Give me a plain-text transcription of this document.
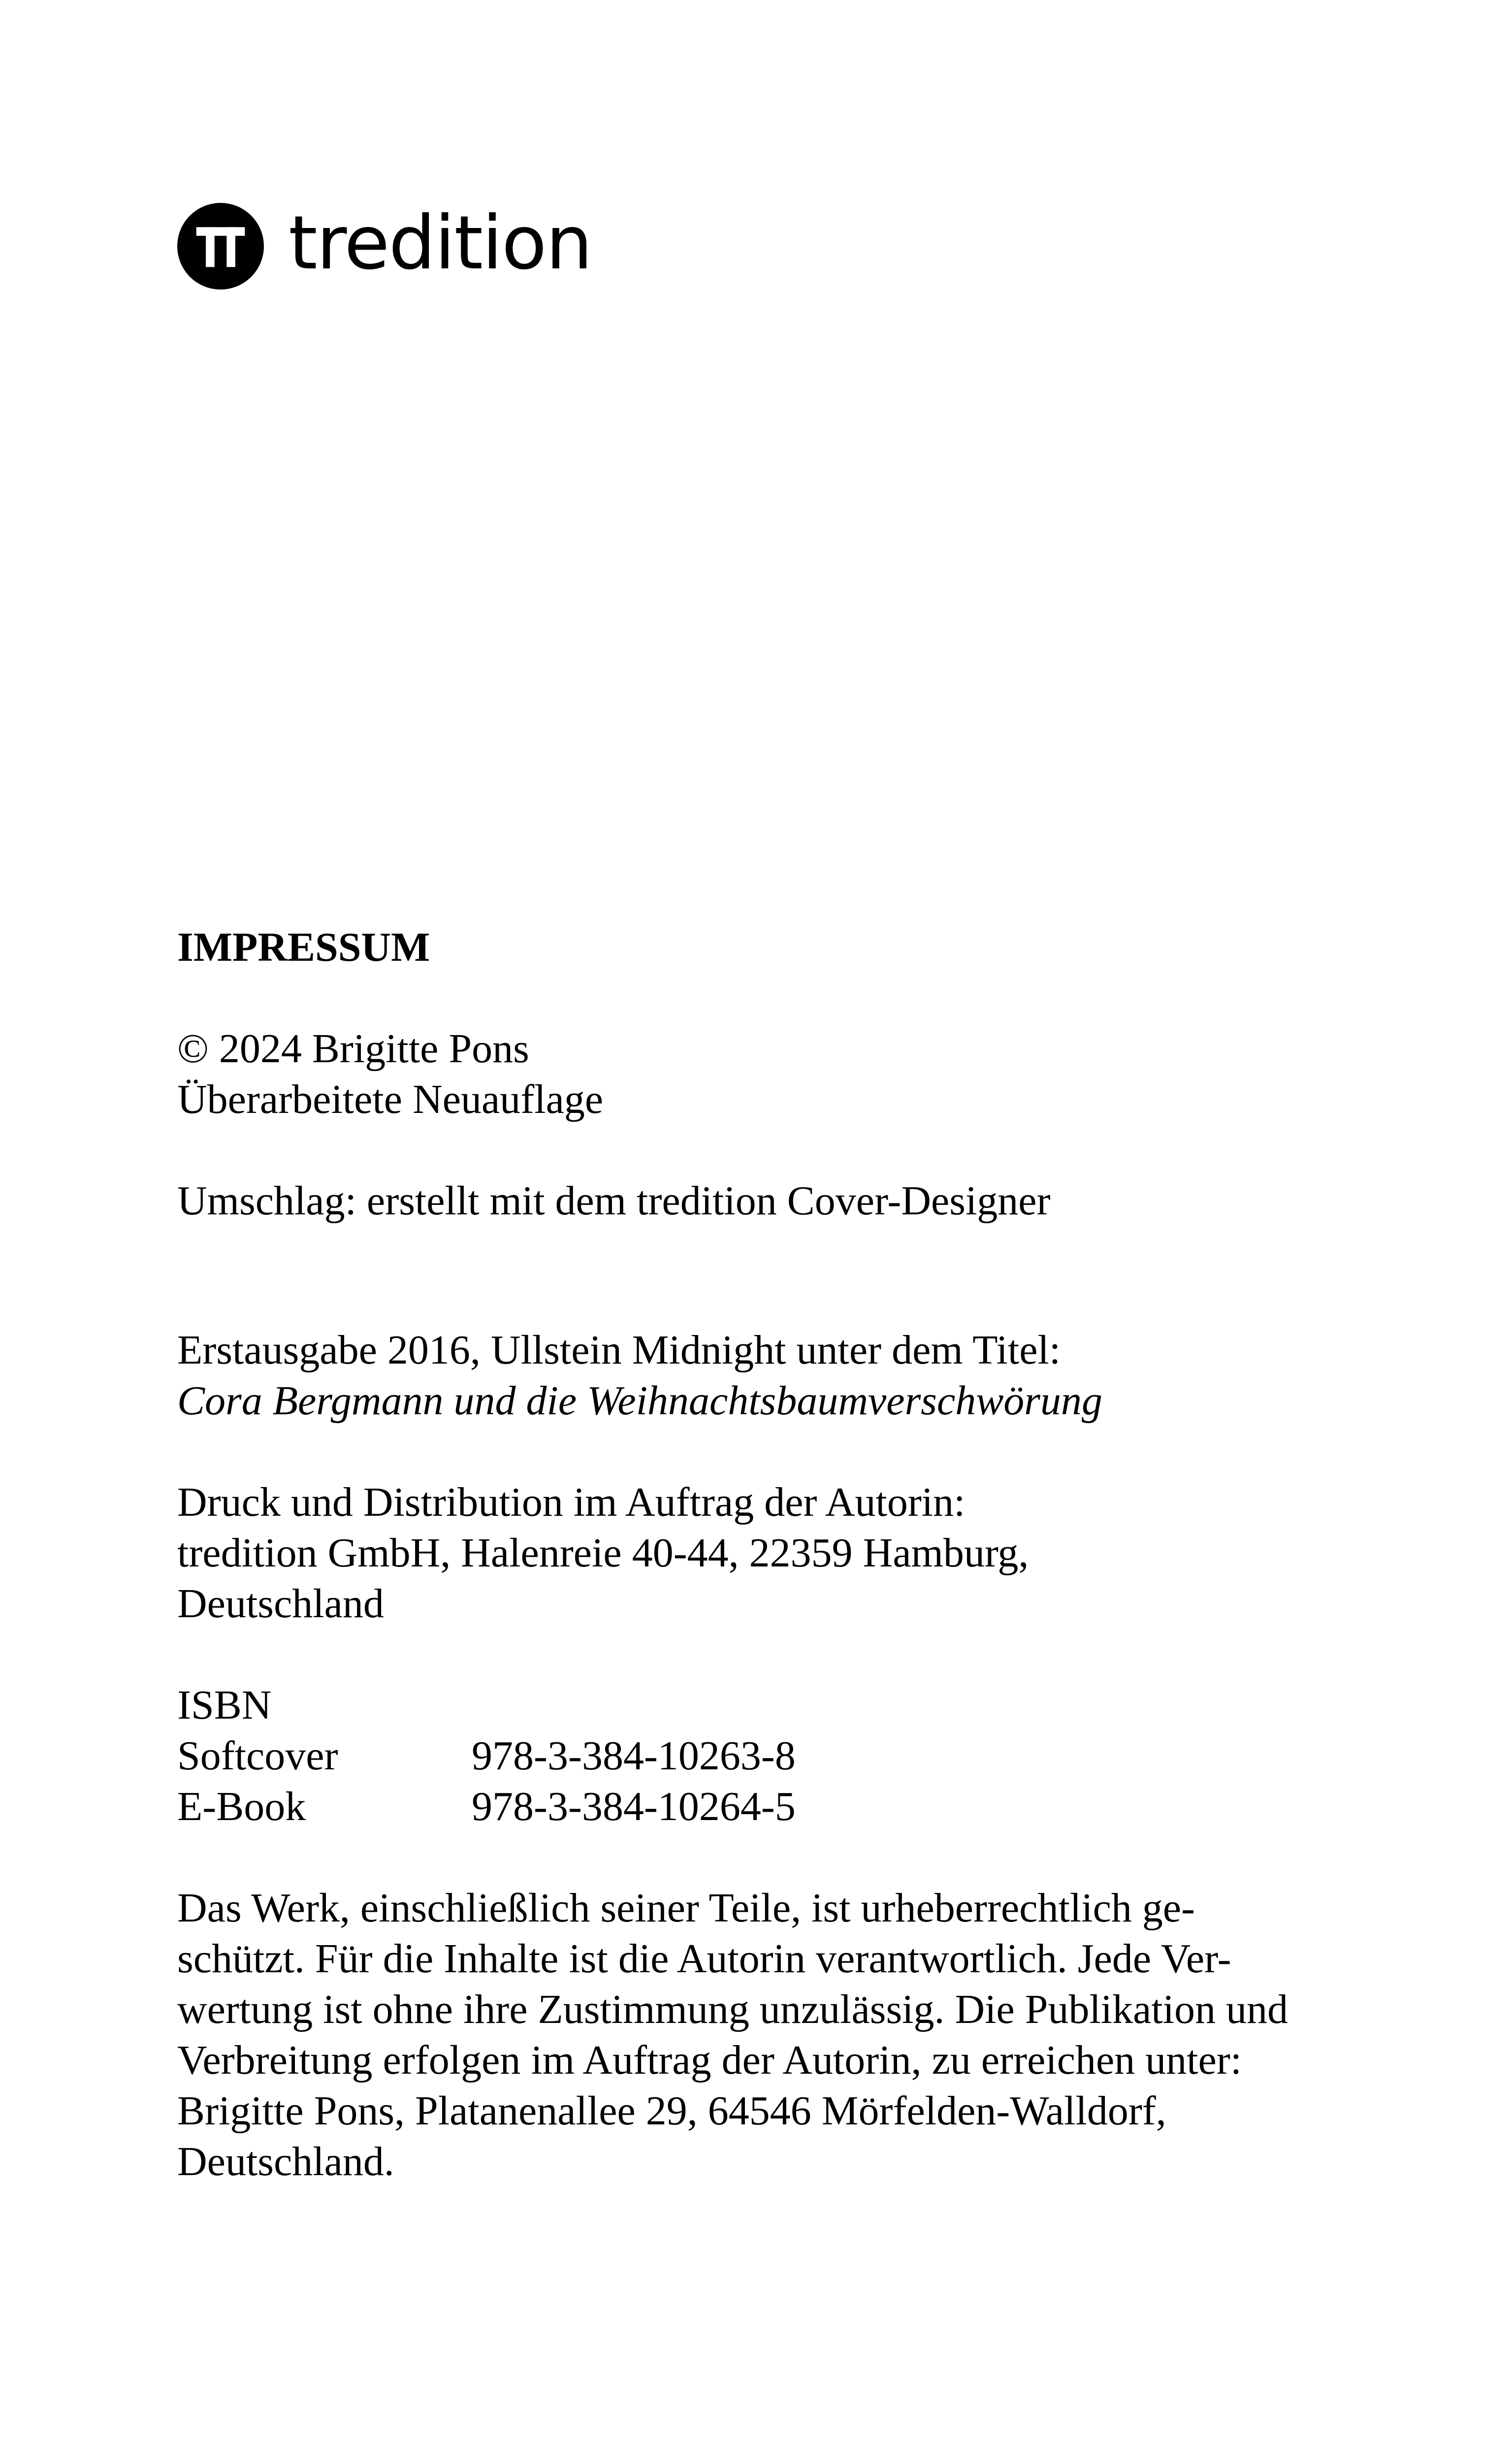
tredition

IMPRESSUM

© 2024 Brigitte Pons
Überarbeitete Neuauflage
Umschlag: erstellt mit dem tredition Cover-Designer
Erstausgabe 2016, Ullstein Midnight unter dem Titel:
Cora Bergmann und die Weihnachtsbaumverschwörung
Druck und Distribution im Auftrag der Autorin:
tredition GmbH, Halenreie 40-44, 22359 Hamburg,
Deutschland
ISBN
Softcover	978-3-384-10263-8
E-Book	978-3-384-10264-5
Das Werk, einschließlich seiner Teile, ist urheberrechtlich ge-
schützt. Für die Inhalte ist die Autorin verantwortlich. Jede Ver-
wertung ist ohne ihre Zustimmung unzulässig. Die Publikation und
Verbreitung erfolgen im Auftrag der Autorin, zu erreichen unter:
Brigitte Pons, Platanenallee 29, 64546 Mörfelden-Walldorf,
Deutschland.
